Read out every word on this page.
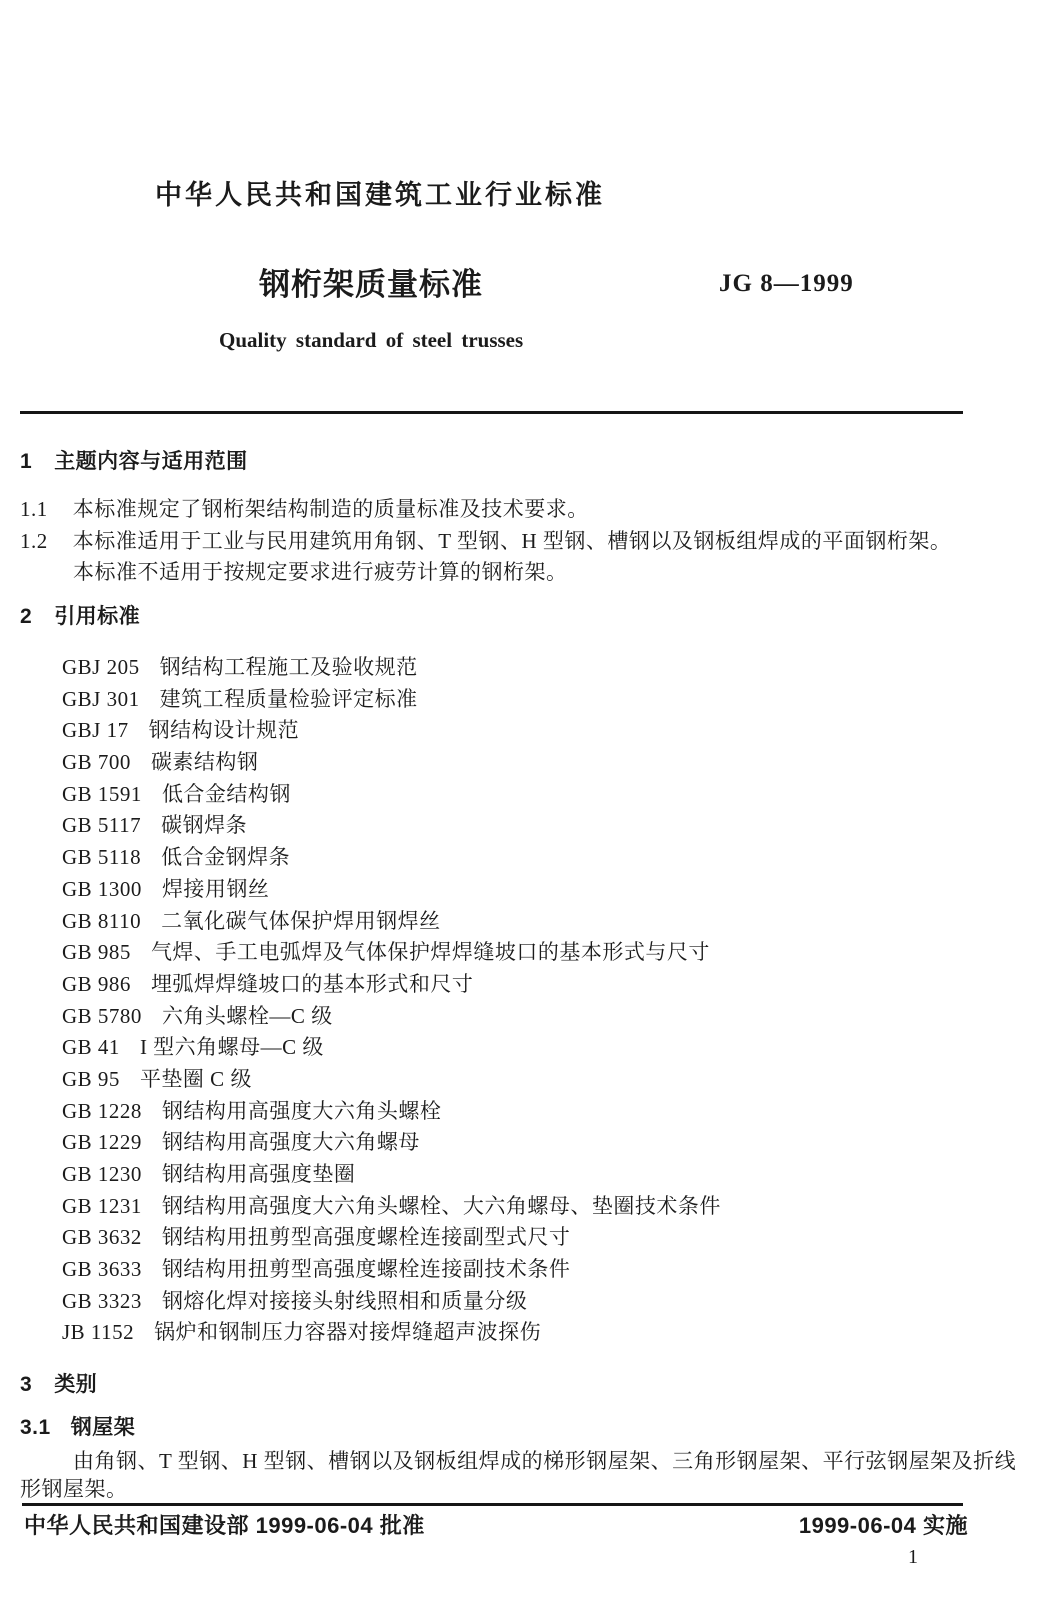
中华人民共和国建筑工业行业标准
钢桁架质量标准	JG 8—1999
Quality standard of steel trusses
1 主题内容与适用范围
1.1 本标准规定了钢桁架结构制造的质量标准及技术要求。
1.2 本标准适用于工业与民用建筑用角钢、T 型钢、H 型钢、槽钢以及钢板组焊成的平面钢桁架。
本标准不适用于按规定要求进行疲劳计算的钢桁架。
2 引用标准
GBJ 205 钢结构工程施工及验收规范
GBJ 301 建筑工程质量检验评定标准
GBJ 17 钢结构设计规范
GB 700 碳素结构钢
GB 1591 低合金结构钢
GB 5117 碳钢焊条
GB 5118 低合金钢焊条
GB 1300 焊接用钢丝
GB 8110 二氧化碳气体保护焊用钢焊丝
GB 985 气焊、手工电弧焊及气体保护焊焊缝坡口的基本形式与尺寸
GB 986 埋弧焊焊缝坡口的基本形式和尺寸
GB 5780 六角头螺栓—C 级
GB 41 I 型六角螺母—C 级
GB 95 平垫圈 C 级
GB 1228 钢结构用高强度大六角头螺栓
GB 1229 钢结构用高强度大六角螺母
GB 1230 钢结构用高强度垫圈
GB 1231 钢结构用高强度大六角头螺栓、大六角螺母、垫圈技术条件
GB 3632 钢结构用扭剪型高强度螺栓连接副型式尺寸
GB 3633 钢结构用扭剪型高强度螺栓连接副技术条件
GB 3323 钢熔化焊对接接头射线照相和质量分级
JB 1152 锅炉和钢制压力容器对接焊缝超声波探伤
3 类别
3.1 钢屋架
由角钢、T 型钢、H 型钢、槽钢以及钢板组焊成的梯形钢屋架、三角形钢屋架、平行弦钢屋架及折线
形钢屋架。
中华人民共和国建设部 1999-06-04 批准	1999-06-04 实施
1
